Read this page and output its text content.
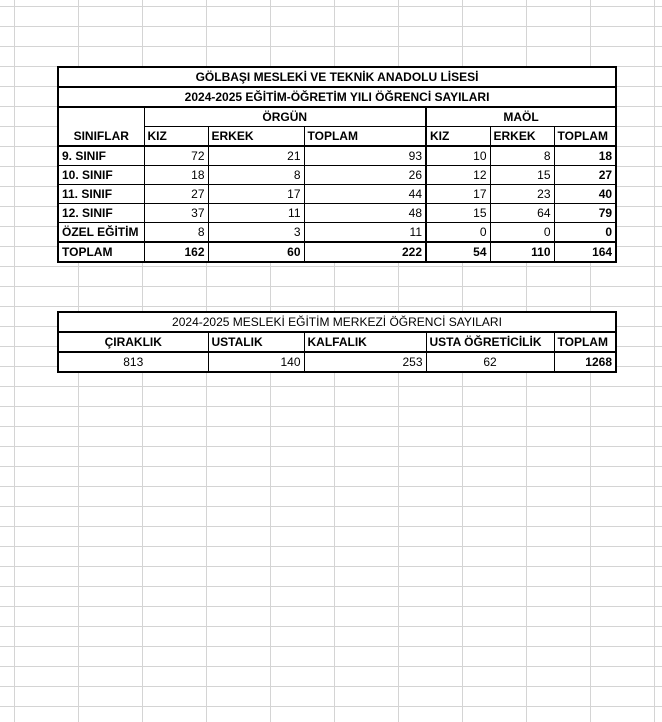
GÖLBAŞI MESLEKİ VE TEKNİK ANADOLU LİSESİ						
2024-2025 EĞİTİM-ÖĞRETİM YILI ÖĞRENCİ SAYILARI						
SINIFLAR	ÖRGÜN			MAÖL		
	KIZ	ERKEK	TOPLAM	KIZ	ERKEK	TOPLAM
9. SINIF	72	21	93	10	8	18
10. SINIF	18	8	26	12	15	27
11. SINIF	27	17	44	17	23	40
12. SINIF	37	11	48	15	64	79
ÖZEL EĞİTİM	8	3	11	0	0	0
TOPLAM	162	60	222	54	110	164
2024-2025 MESLEKİ EĞİTİM MERKEZİ ÖĞRENCİ SAYILARI				
ÇIRAKLIK	USTALIK	KALFALIK	USTA ÖĞRETİCİLİK	TOPLAM
813	140	253	62	1268
